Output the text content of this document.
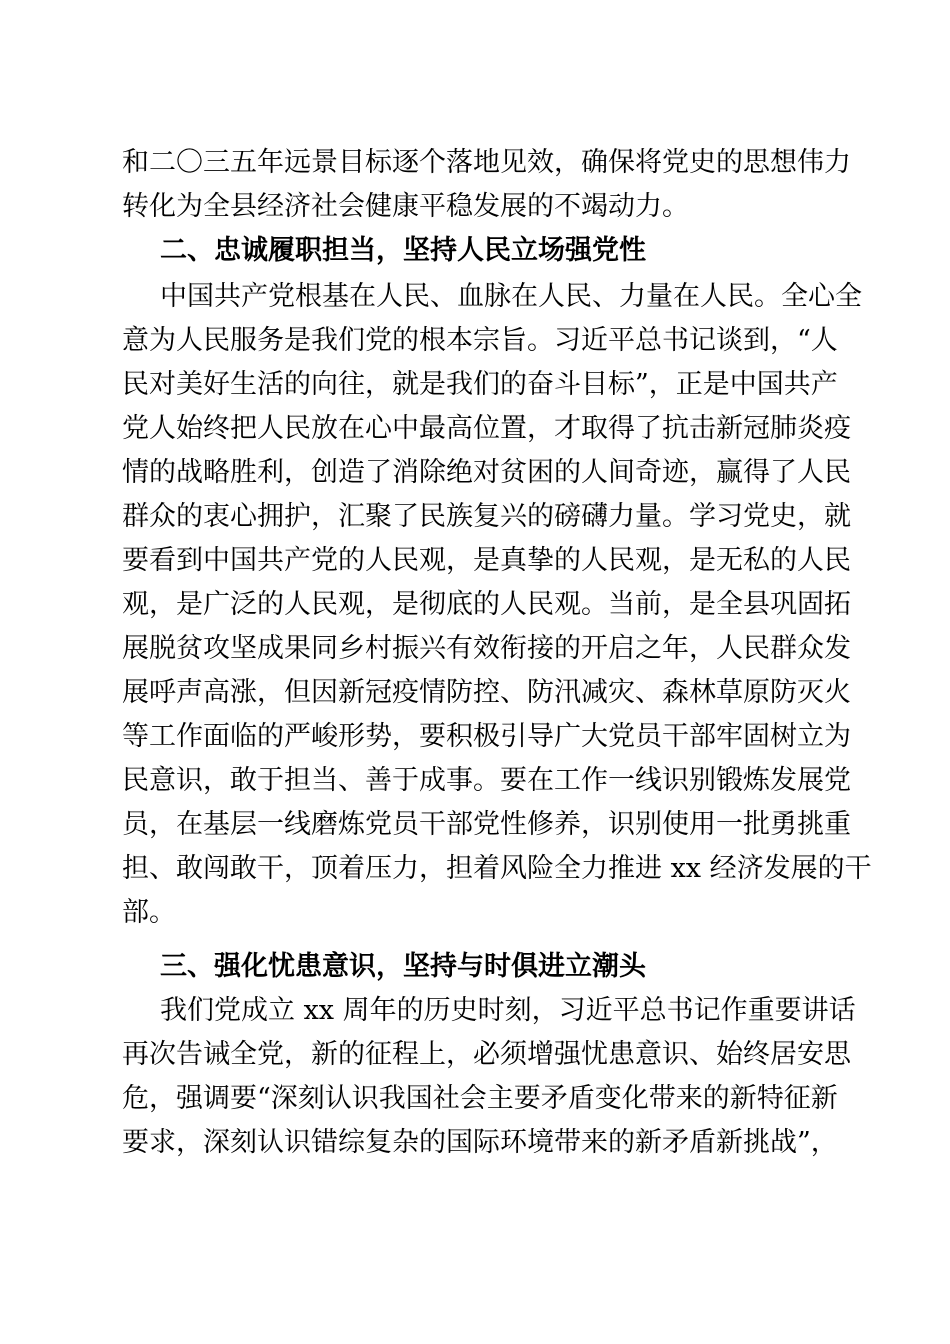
和二〇三五年远景目标逐个落地见效，确保将党史的思想伟力
转化为全县经济社会健康平稳发展的不竭动力。
二、忠诚履职担当，坚持人民立场强党性
中国共产党根基在人民、血脉在人民、力量在人民。全心全
意为人民服务是我们党的根本宗旨。习近平总书记谈到，“人
民对美好生活的向往，就是我们的奋斗目标”，正是中国共产
党人始终把人民放在心中最高位置，才取得了抗击新冠肺炎疫
情的战略胜利，创造了消除绝对贫困的人间奇迹，赢得了人民
群众的衷心拥护，汇聚了民族复兴的磅礴力量。学习党史，就
要看到中国共产党的人民观，是真挚的人民观，是无私的人民
观，是广泛的人民观，是彻底的人民观。当前，是全县巩固拓
展脱贫攻坚成果同乡村振兴有效衔接的开启之年，人民群众发
展呼声高涨，但因新冠疫情防控、防汛减灾、森林草原防灭火
等工作面临的严峻形势，要积极引导广大党员干部牢固树立为
民意识，敢于担当、善于成事。要在工作一线识别锻炼发展党
员，在基层一线磨炼党员干部党性修养，识别使用一批勇挑重
担、敢闯敢干，顶着压力，担着风险全力推进 xx 经济发展的干
部。
三、强化忧患意识，坚持与时俱进立潮头
我们党成立 xx 周年的历史时刻，习近平总书记作重要讲话
再次告诫全党，新的征程上，必须增强忧患意识、始终居安思
危，强调要“深刻认识我国社会主要矛盾变化带来的新特征新
要求，深刻认识错综复杂的国际环境带来的新矛盾新挑战”，
